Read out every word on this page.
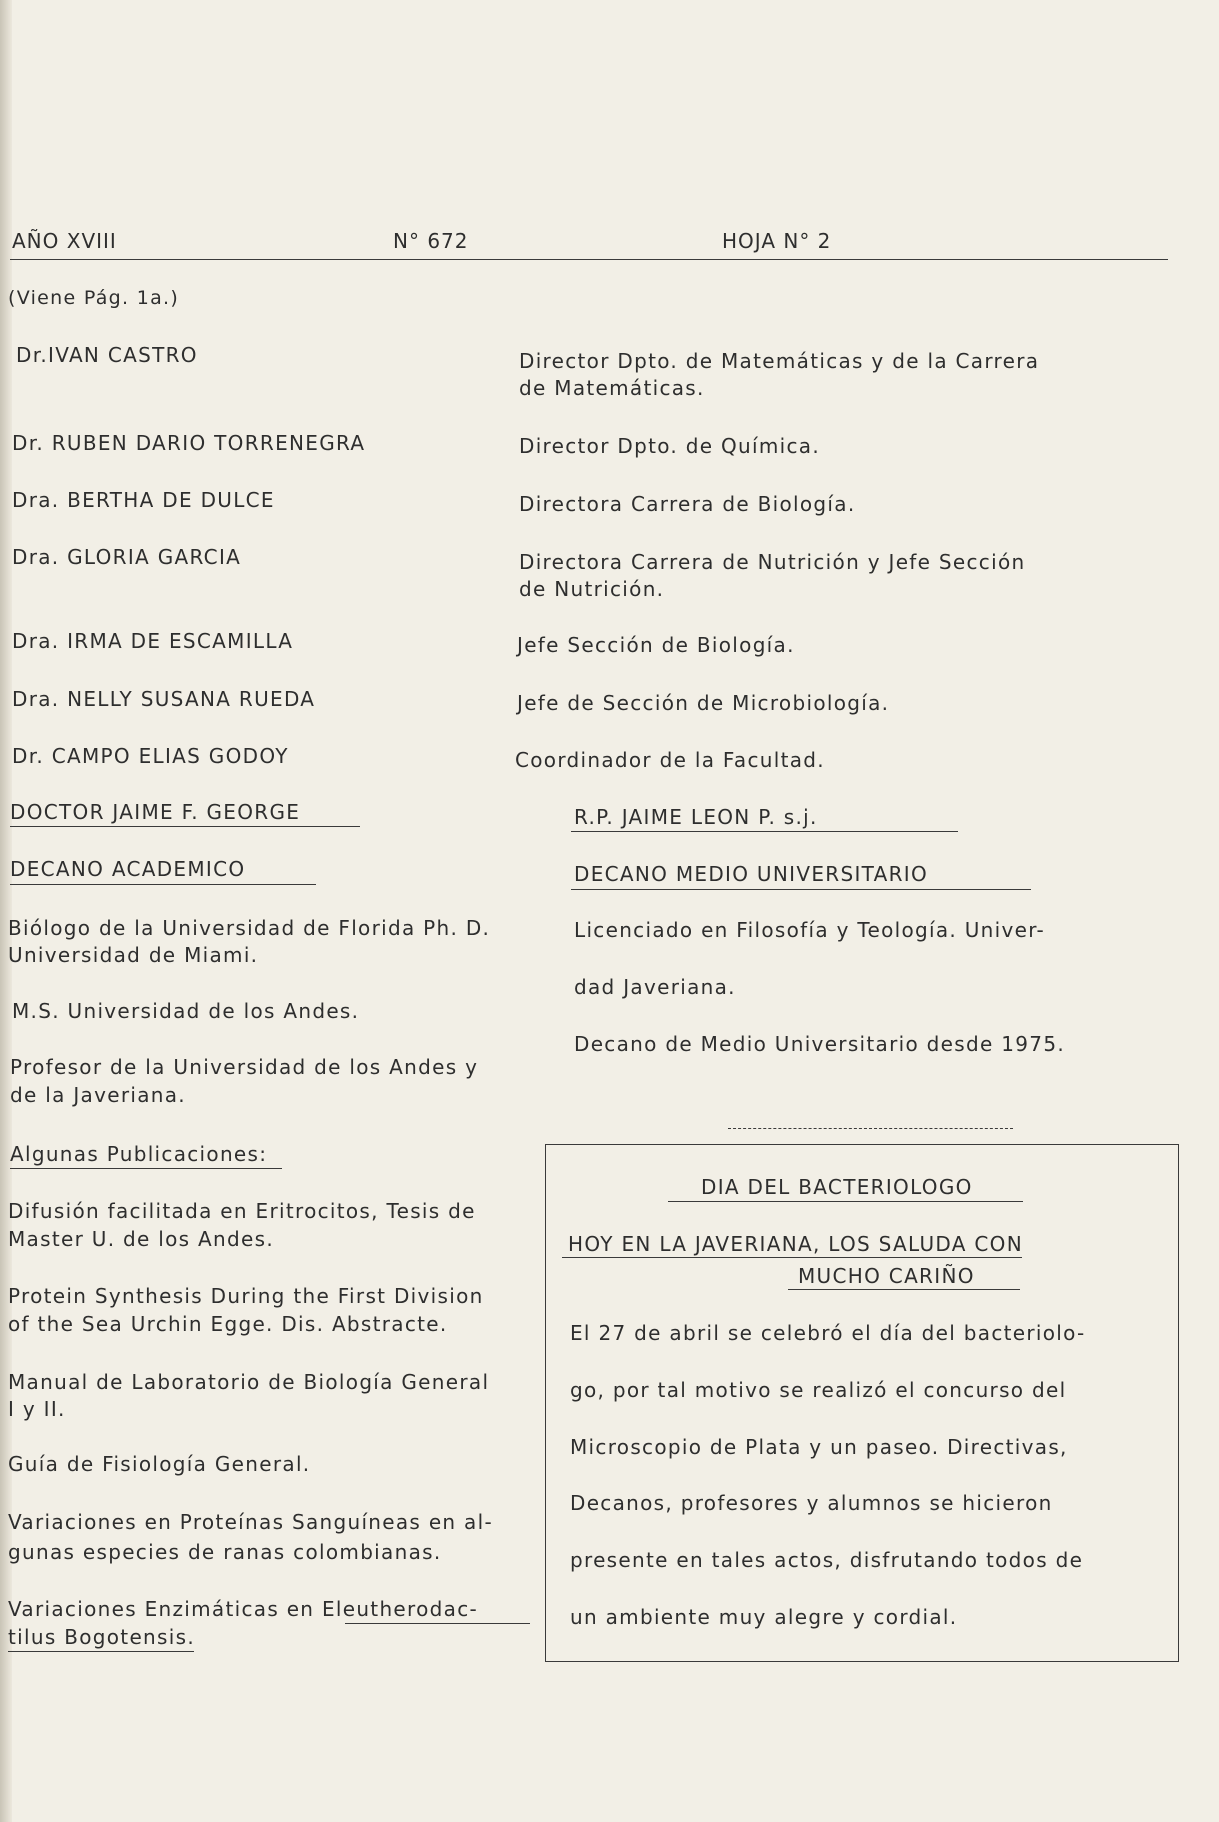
AÑO XVIII	N° 672	HOJA N° 2
(Viene Pág. 1a.)
Dr.IVAN CASTRO	Director Dpto. de Matemáticas y de la Carrera
de Matemáticas.
Dr. RUBEN DARIO TORRENEGRA	Director Dpto. de Química.
Dra. BERTHA DE DULCE	Directora Carrera de Biología.
Dra. GLORIA GARCIA	Directora Carrera de Nutrición y Jefe Sección
de Nutrición.
Dra. IRMA DE ESCAMILLA	Jefe Sección de Biología.
Dra. NELLY SUSANA RUEDA	Jefe de Sección de Microbiología.
Dr. CAMPO ELIAS GODOY	Coordinador de la Facultad.
DOCTOR JAIME F. GEORGE
DECANO ACADEMICO
Biólogo de la Universidad de Florida Ph. D.
Universidad de Miami.
M.S. Universidad de los Andes.
Profesor de la Universidad de los Andes y
de la Javeriana.
Algunas Publicaciones:
Difusión facilitada en Eritrocitos, Tesis de
Master U. de los Andes.
Protein Synthesis During the First Division
of the Sea Urchin Egge. Dis. Abstracte.
Manual de Laboratorio de Biología General
I y II.
Guía de Fisiología General.
Variaciones en Proteínas Sanguíneas en al-
gunas especies de ranas colombianas.
Variaciones Enzimáticas en Eleutherodac-
tilus Bogotensis.
R.P. JAIME LEON P. s.j.
DECANO MEDIO UNIVERSITARIO
Licenciado en Filosofía y Teología. Univer-
dad Javeriana.
Decano de Medio Universitario desde 1975.
DIA DEL BACTERIOLOGO
HOY EN LA JAVERIANA, LOS SALUDA CON
MUCHO CARIÑO
El 27 de abril se celebró el día del bacteriolo-
go, por tal motivo se realizó el concurso del
Microscopio de Plata y un paseo. Directivas,
Decanos, profesores y alumnos se hicieron
presente en tales actos, disfrutando todos de
un ambiente muy alegre y cordial.
